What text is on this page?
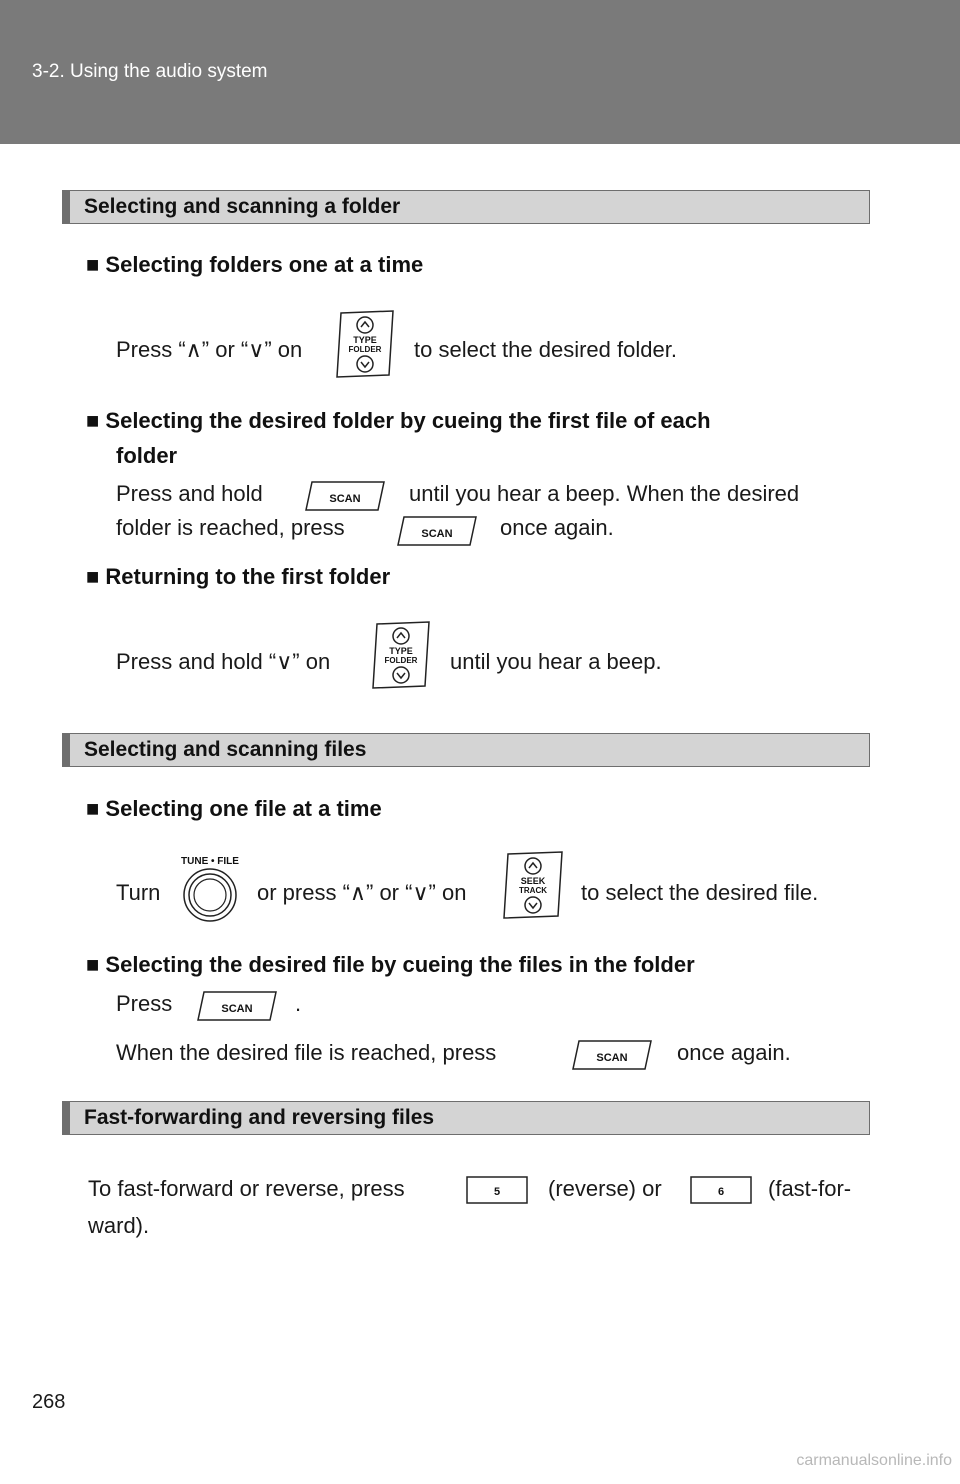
3-2. Using the audio system
Selecting and scanning a folder
■ Selecting folders one at a time
Press “∧” or “∨” on	TYPE
FOLDER to select the desired folder.
■ Selecting the desired folder by cueing the first file of each
folder
Press and hold	SCAN until you hear a beep. When the desired
folder is reached, press	SCAN once again.
■ Returning to the first folder
Press and hold “∨” on	TYPE
FOLDER until you hear a beep.
Selecting and scanning files
■ Selecting one file at a time
Turn
TUNE • FILE
or press “∧” or “∨” on	SEEK
TRACK to select the desired file.
■ Selecting the desired file by cueing the files in the folder
Press	SCAN .
When the desired file is reached, press	SCAN once again.
Fast-forwarding and reversing files
To fast-forward or reverse, press	5 (reverse) or	6 (fast-for-
ward).
268
carmanualsonline.info
